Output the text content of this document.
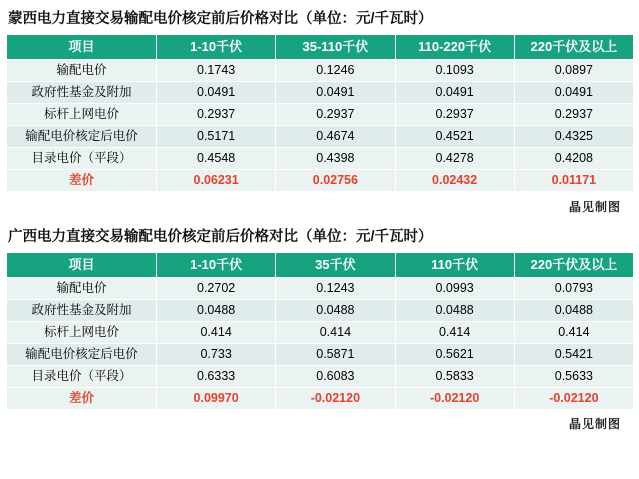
蒙西电力直接交易输配电价核定前后价格对比（单位：元/千瓦时）
项目	1-10千伏	35-110千伏	110-220千伏	220千伏及以上
输配电价	0.1743	0.1246	0.1093	0.0897
政府性基金及附加	0.0491	0.0491	0.0491	0.0491
标杆上网电价	0.2937	0.2937	0.2937	0.2937
输配电价核定后电价	0.5171	0.4674	0.4521	0.4325
目录电价（平段）	0.4548	0.4398	0.4278	0.4208
差价	0.06231	0.02756	0.02432	0.01171
晶见制图
广西电力直接交易输配电价核定前后价格对比（单位：元/千瓦时）
项目	1-10千伏	35千伏	110千伏	220千伏及以上
输配电价	0.2702	0.1243	0.0993	0.0793
政府性基金及附加	0.0488	0.0488	0.0488	0.0488
标杆上网电价	0.414	0.414	0.414	0.414
输配电价核定后电价	0.733	0.5871	0.5621	0.5421
目录电价（平段）	0.6333	0.6083	0.5833	0.5633
差价	0.09970	-0.02120	-0.02120	-0.02120
晶见制图
